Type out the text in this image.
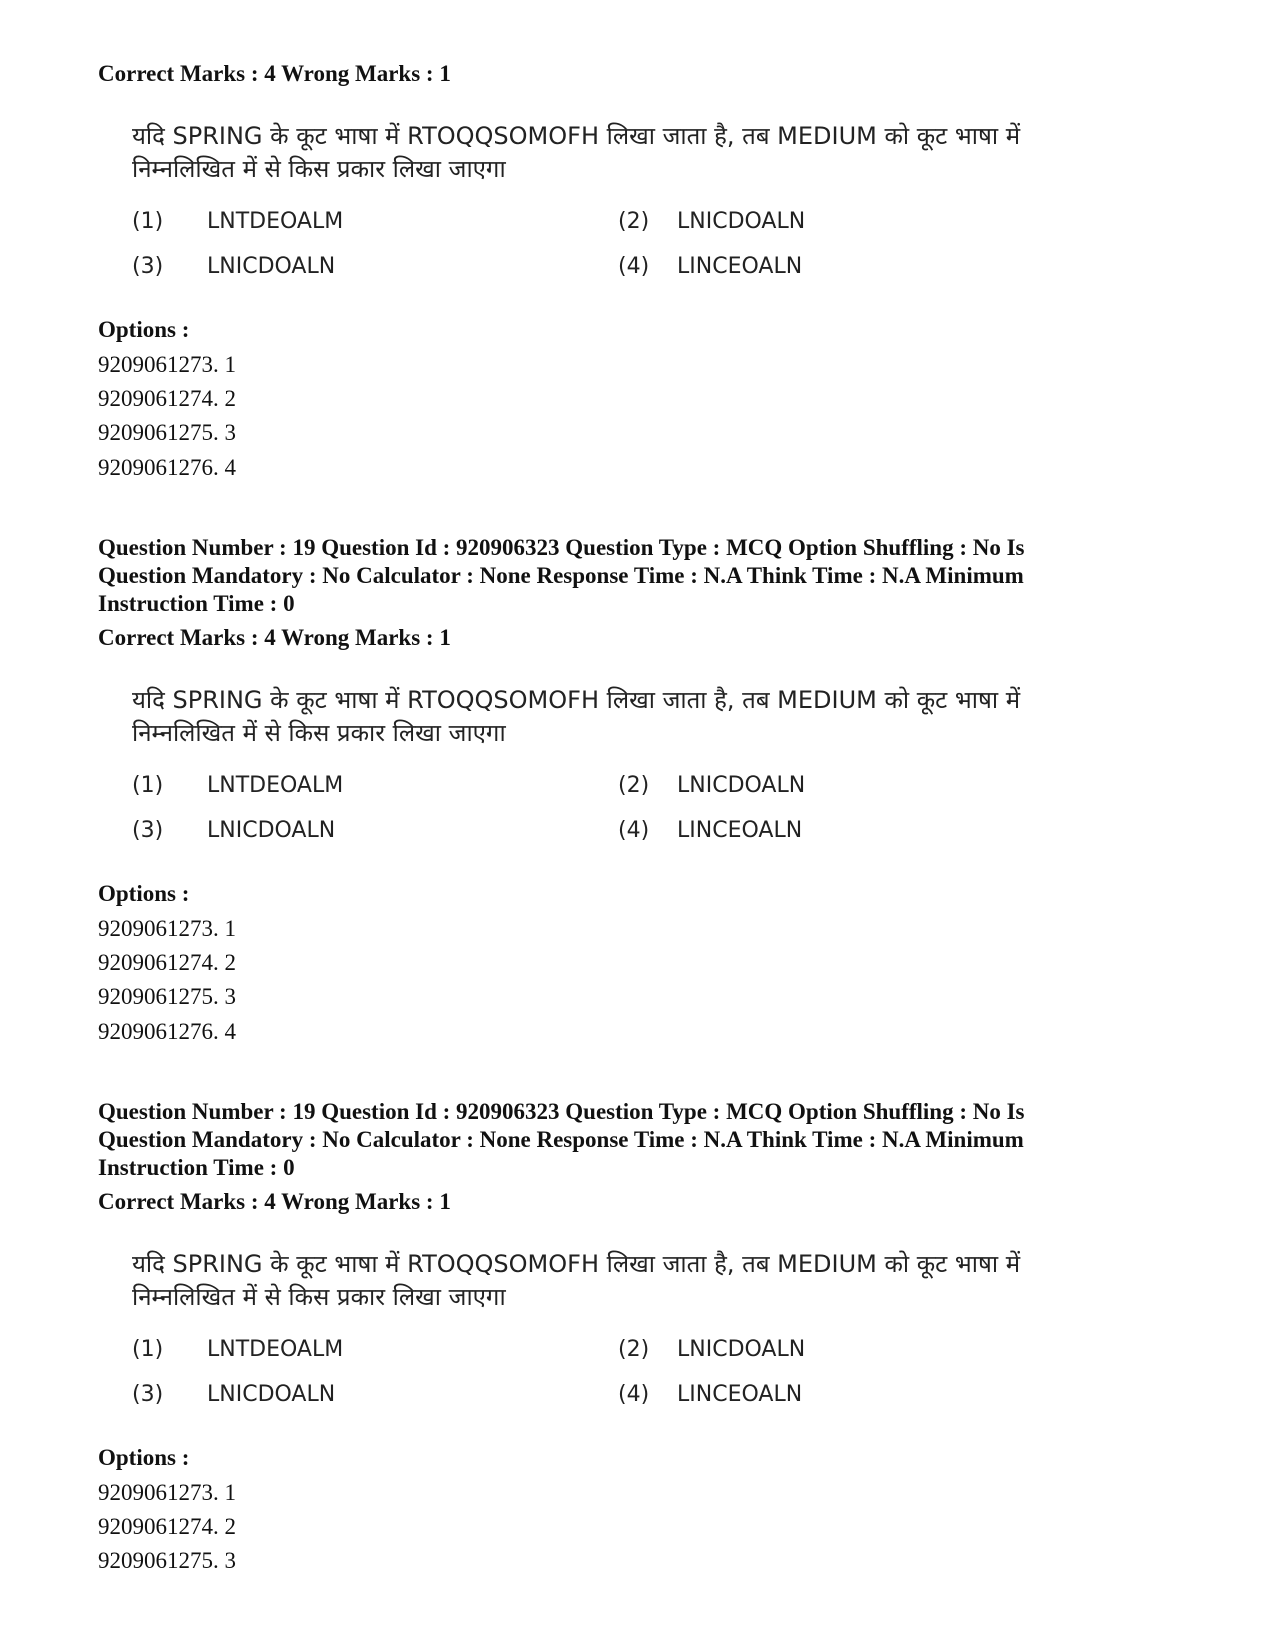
Correct Marks : 4 Wrong Marks : 1
यदि SPRING के कूट भाषा में RTOQQSOMOFH लिखा जाता है, तब MEDIUM को कूट भाषा में
निम्नलिखित में से किस प्रकार लिखा जाएगा
(1) LNTDEOALM	(2) LNICDOALN
(3) LNICDOALN	(4) LINCEOALN
Options :
9209061273. 1
9209061274. 2
9209061275. 3
9209061276. 4
Question Number : 19 Question Id : 920906323 Question Type : MCQ Option Shuffling : No Is
Question Mandatory : No Calculator : None Response Time : N.A Think Time : N.A Minimum
Instruction Time : 0
Correct Marks : 4 Wrong Marks : 1
यदि SPRING के कूट भाषा में RTOQQSOMOFH लिखा जाता है, तब MEDIUM को कूट भाषा में
निम्नलिखित में से किस प्रकार लिखा जाएगा
(1) LNTDEOALM	(2) LNICDOALN
(3) LNICDOALN	(4) LINCEOALN
Options :
9209061273. 1
9209061274. 2
9209061275. 3
9209061276. 4
Question Number : 19 Question Id : 920906323 Question Type : MCQ Option Shuffling : No Is
Question Mandatory : No Calculator : None Response Time : N.A Think Time : N.A Minimum
Instruction Time : 0
Correct Marks : 4 Wrong Marks : 1
यदि SPRING के कूट भाषा में RTOQQSOMOFH लिखा जाता है, तब MEDIUM को कूट भाषा में
निम्नलिखित में से किस प्रकार लिखा जाएगा
(1) LNTDEOALM	(2) LNICDOALN
(3) LNICDOALN	(4) LINCEOALN
Options :
9209061273. 1
9209061274. 2
9209061275. 3
